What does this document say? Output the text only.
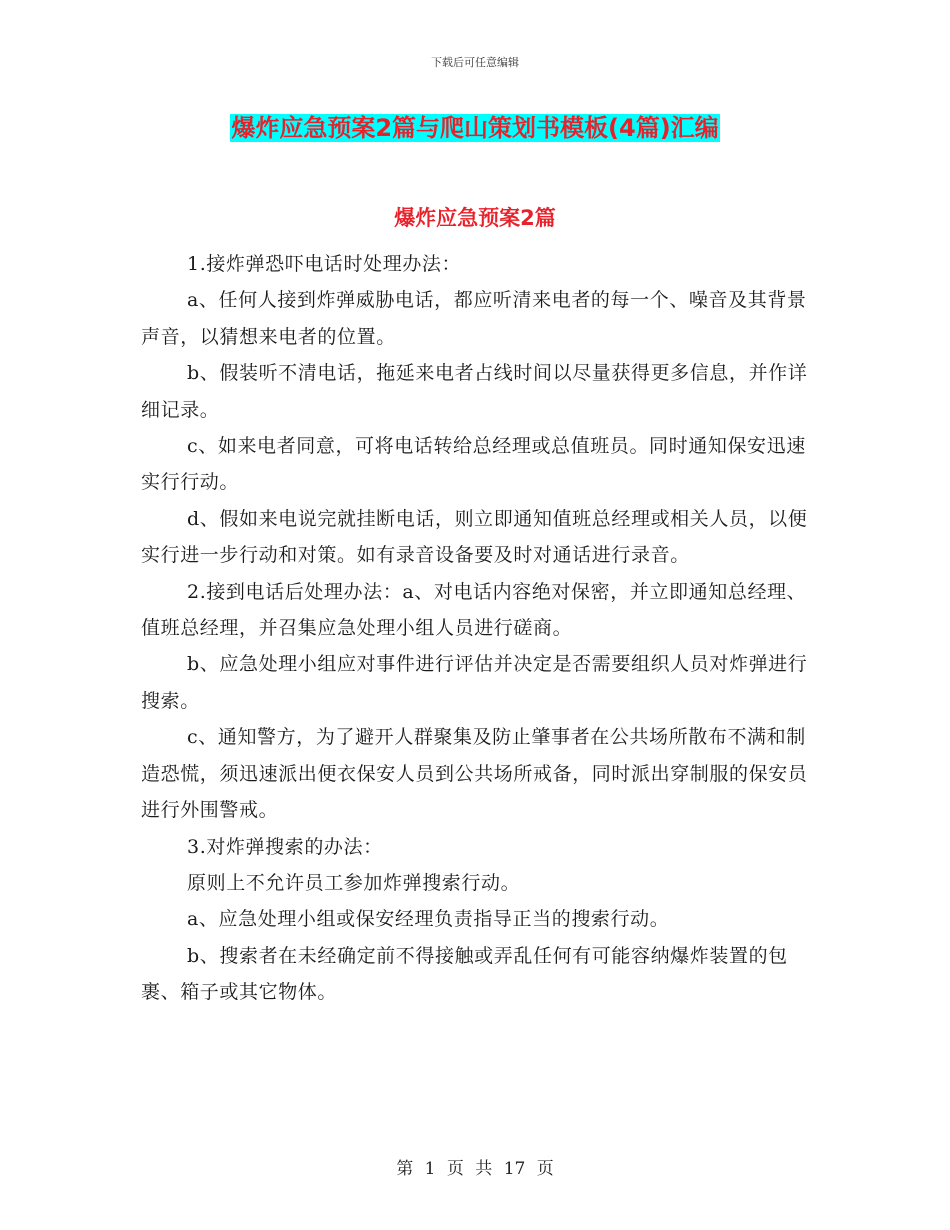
下载后可任意编辑
爆炸应急预案2篇与爬山策划书模板(4篇)汇编
爆炸应急预案2篇

1.接炸弹恐吓电话时处理办法：

a、任何人接到炸弹威胁电话，都应听清来电者的每一个、噪音及其背景声音，以猜想来电者的位置。

b、假装听不清电话，拖延来电者占线时间以尽量获得更多信息，并作详细记录。

c、如来电者同意，可将电话转给总经理或总值班员。同时通知保安迅速实行行动。

d、假如来电说完就挂断电话，则立即通知值班总经理或相关人员，以便实行进一步行动和对策。如有录音设备要及时对通话进行录音。

2.接到电话后处理办法：a、对电话内容绝对保密，并立即通知总经理、值班总经理，并召集应急处理小组人员进行磋商。

b、应急处理小组应对事件进行评估并决定是否需要组织人员对炸弹进行搜索。

c、通知警方，为了避开人群聚集及防止肇事者在公共场所散布不满和制造恐慌，须迅速派出便衣保安人员到公共场所戒备，同时派出穿制服的保安员进行外围警戒。

3.对炸弹搜索的办法：

原则上不允许员工参加炸弹搜索行动。

a、应急处理小组或保安经理负责指导正当的搜索行动。

b、搜索者在未经确定前不得接触或弄乱任何有可能容纳爆炸装置的包裹、箱子或其它物体。

第 1 页 共 17 页
